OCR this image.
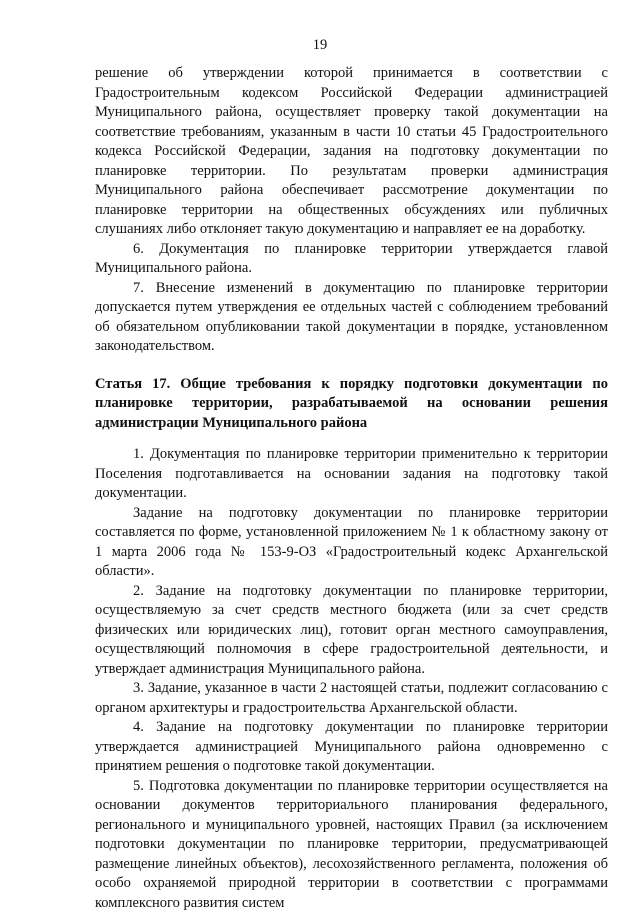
19

решение об утверждении которой принимается в соответствии с Градостроительным кодексом Российской Федерации администрацией Муниципального района, осуществляет проверку такой документации на соответствие требованиям, указанным в части 10 статьи 45 Градостроительного кодекса Российской Федерации, задания на подготовку документации по планировке территории. По результатам проверки администрация Муниципального района обеспечивает рассмотрение документации по планировке территории на общественных обсуждениях или публичных слушаниях либо отклоняет такую документацию и направляет ее на доработку.

6. Документация по планировке территории утверждается главой Муниципального района.

7. Внесение изменений в документацию по планировке территории допускается путем утверждения ее отдельных частей с соблюдением требований об обязательном опубликовании такой документации в порядке, установленном законодательством.

Статья 17. Общие требования к порядку подготовки документации по планировке территории, разрабатываемой на основании решения администрации Муниципального района

1. Документация по планировке территории применительно к территории Поселения подготавливается на основании задания на подготовку такой документации.

Задание на подготовку документации по планировке территории составляется по форме, установленной приложением № 1 к областному закону от 1 марта 2006 года № 153-9-ОЗ «Градостроительный кодекс Архангельской области».

2. Задание на подготовку документации по планировке территории, осуществляемую за счет средств местного бюджета (или за счет средств физических или юридических лиц), готовит орган местного самоуправления, осуществляющий полномочия в сфере градостроительной деятельности, и утверждает администрация Муниципального района.

3. Задание, указанное в части 2 настоящей статьи, подлежит согласованию с органом архитектуры и градостроительства Архангельской области.

4. Задание на подготовку документации по планировке территории утверждается администрацией Муниципального района одновременно с принятием решения о подготовке такой документации.

5. Подготовка документации по планировке территории осуществляется на основании документов территориального планирования федерального, регионального и муниципального уровней, настоящих Правил (за исключением подготовки документации по планировке территории, предусматривающей размещение линейных объектов), лесохозяйственного регламента, положения об особо охраняемой природной территории в соответствии с программами комплексного развития систем
